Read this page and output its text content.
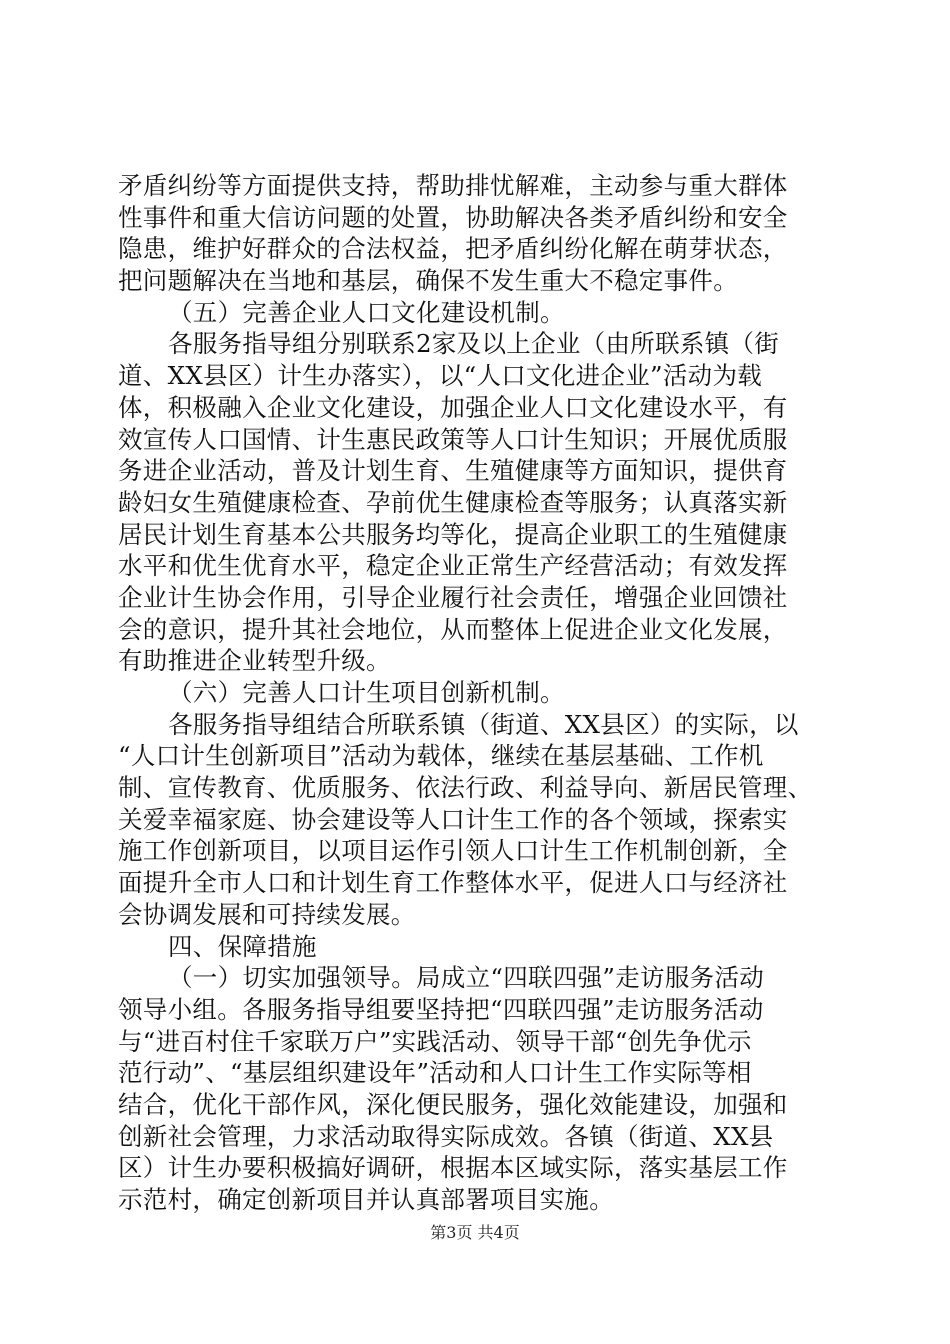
矛盾纠纷等方面提供支持，帮助排忧解难，主动参与重大群体
性事件和重大信访问题的处置，协助解决各类矛盾纠纷和安全
隐患，维护好群众的合法权益，把矛盾纠纷化解在萌芽状态，
把问题解决在当地和基层，确保不发生重大不稳定事件。
（五）完善企业人口文化建设机制。
各服务指导组分别联系2家及以上企业（由所联系镇（街
道、XX县区）计生办落实），以“人口文化进企业”活动为载
体，积极融入企业文化建设，加强企业人口文化建设水平，有
效宣传人口国情、计生惠民政策等人口计生知识；开展优质服
务进企业活动，普及计划生育、生殖健康等方面知识，提供育
龄妇女生殖健康检查、孕前优生健康检查等服务；认真落实新
居民计划生育基本公共服务均等化，提高企业职工的生殖健康
水平和优生优育水平，稳定企业正常生产经营活动；有效发挥
企业计生协会作用，引导企业履行社会责任，增强企业回馈社
会的意识，提升其社会地位，从而整体上促进企业文化发展，
有助推进企业转型升级。
（六）完善人口计生项目创新机制。
各服务指导组结合所联系镇（街道、XX县区）的实际，以
“人口计生创新项目”活动为载体，继续在基层基础、工作机
制、宣传教育、优质服务、依法行政、利益导向、新居民管理、
关爱幸福家庭、协会建设等人口计生工作的各个领域，探索实
施工作创新项目，以项目运作引领人口计生工作机制创新，全
面提升全市人口和计划生育工作整体水平，促进人口与经济社
会协调发展和可持续发展。
四、保障措施
（一）切实加强领导。局成立“四联四强”走访服务活动
领导小组。各服务指导组要坚持把“四联四强”走访服务活动
与“进百村住千家联万户”实践活动、领导干部“创先争优示
范行动”、“基层组织建设年”活动和人口计生工作实际等相
结合，优化干部作风，深化便民服务，强化效能建设，加强和
创新社会管理，力求活动取得实际成效。各镇（街道、XX县
区）计生办要积极搞好调研，根据本区域实际，落实基层工作
示范村，确定创新项目并认真部署项目实施。
第3页 共4页
